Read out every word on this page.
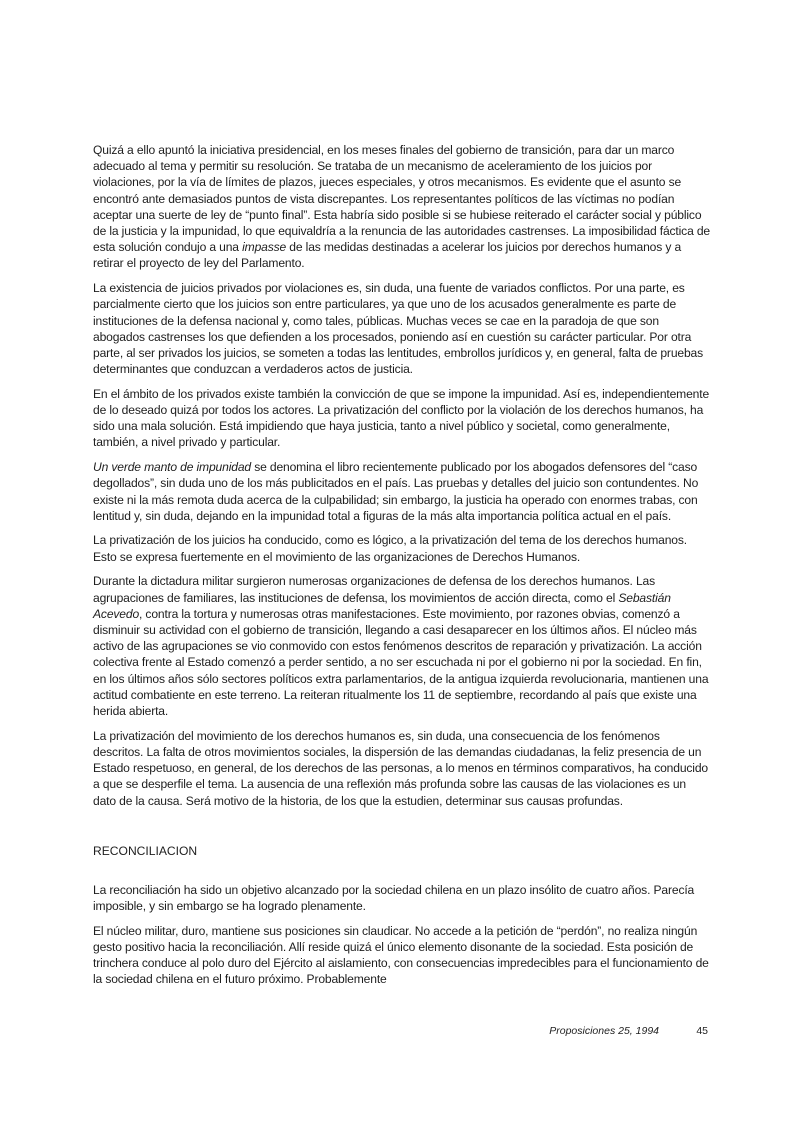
Quizá a ello apuntó la iniciativa presidencial, en los meses finales del gobierno de transición, para dar un marco adecuado al tema y permitir su resolución. Se trataba de un mecanismo de aceleramiento de los juicios por violaciones, por la vía de límites de plazos, jueces especiales, y otros mecanismos. Es evidente que el asunto se encontró ante demasiados puntos de vista discrepantes. Los representantes políticos de las víctimas no podían aceptar una suerte de ley de “punto final”. Esta habría sido posible si se hubiese reiterado el carácter social y público de la justicia y la impunidad, lo que equivaldría a la renuncia de las autoridades castrenses. La imposibilidad fáctica de esta solución condujo a una impasse de las medidas destinadas a acelerar los juicios por derechos humanos y a retirar el proyecto de ley del Parlamento.

La existencia de juicios privados por violaciones es, sin duda, una fuente de variados conflictos. Por una parte, es parcialmente cierto que los juicios son entre particulares, ya que uno de los acusados generalmente es parte de instituciones de la defensa nacional y, como tales, públicas. Muchas veces se cae en la paradoja de que son abogados castrenses los que defienden a los procesados, poniendo así en cuestión su carácter particular. Por otra parte, al ser privados los juicios, se someten a todas las lentitudes, embrollos jurídicos y, en general, falta de pruebas determinantes que conduzcan a verdaderos actos de justicia.

En el ámbito de los privados existe también la convicción de que se impone la impunidad. Así es, independientemente de lo deseado quizá por todos los actores. La privatización del conflicto por la violación de los derechos humanos, ha sido una mala solución. Está impidiendo que haya justicia, tanto a nivel público y societal, como generalmente, también, a nivel privado y particular.

Un verde manto de impunidad se denomina el libro recientemente publicado por los abogados defensores del “caso degollados”, sin duda uno de los más publicitados en el país. Las pruebas y detalles del juicio son contundentes. No existe ni la más remota duda acerca de la culpabilidad; sin embargo, la justicia ha operado con enormes trabas, con lentitud y, sin duda, dejando en la impunidad total a figuras de la más alta importancia política actual en el país.

La privatización de los juicios ha conducido, como es lógico, a la privatización del tema de los derechos humanos. Esto se expresa fuertemente en el movimiento de las organizaciones de Derechos Humanos.

Durante la dictadura militar surgieron numerosas organizaciones de defensa de los derechos humanos. Las agrupaciones de familiares, las instituciones de defensa, los movimientos de acción directa, como el Sebastián Acevedo, contra la tortura y numerosas otras manifestaciones. Este movimiento, por razones obvias, comenzó a disminuir su actividad con el gobierno de transición, llegando a casi desaparecer en los últimos años. El núcleo más activo de las agrupaciones se vio conmovido con estos fenómenos descritos de reparación y privatización. La acción colectiva frente al Estado comenzó a perder sentido, a no ser escuchada ni por el gobierno ni por la sociedad. En fin, en los últimos años sólo sectores políticos extra parlamentarios, de la antigua izquierda revolucionaria, mantienen una actitud combatiente en este terreno. La reiteran ritualmente los 11 de septiembre, recordando al país que existe una herida abierta.

La privatización del movimiento de los derechos humanos es, sin duda, una consecuencia de los fenómenos descritos. La falta de otros movimientos sociales, la dispersión de las demandas ciudadanas, la feliz presencia de un Estado respetuoso, en general, de los derechos de las personas, a lo menos en términos comparativos, ha conducido a que se desperfile el tema. La ausencia de una reflexión más profunda sobre las causas de las violaciones es un dato de la causa. Será motivo de la historia, de los que la estudien, determinar sus causas profundas.

RECONCILIACION

La reconciliación ha sido un objetivo alcanzado por la sociedad chilena en un plazo insólito de cuatro años. Parecía imposible, y sin embargo se ha logrado plenamente.

El núcleo militar, duro, mantiene sus posiciones sin claudicar. No accede a la petición de “perdón”, no realiza ningún gesto positivo hacia la reconciliación. Allí reside quizá el único elemento disonante de la sociedad. Esta posición de trinchera conduce al polo duro del Ejército al aislamiento, con consecuencias impredecibles para el funcionamiento de la sociedad chilena en el futuro próximo. Probablemente

Proposiciones 25, 1994	45
